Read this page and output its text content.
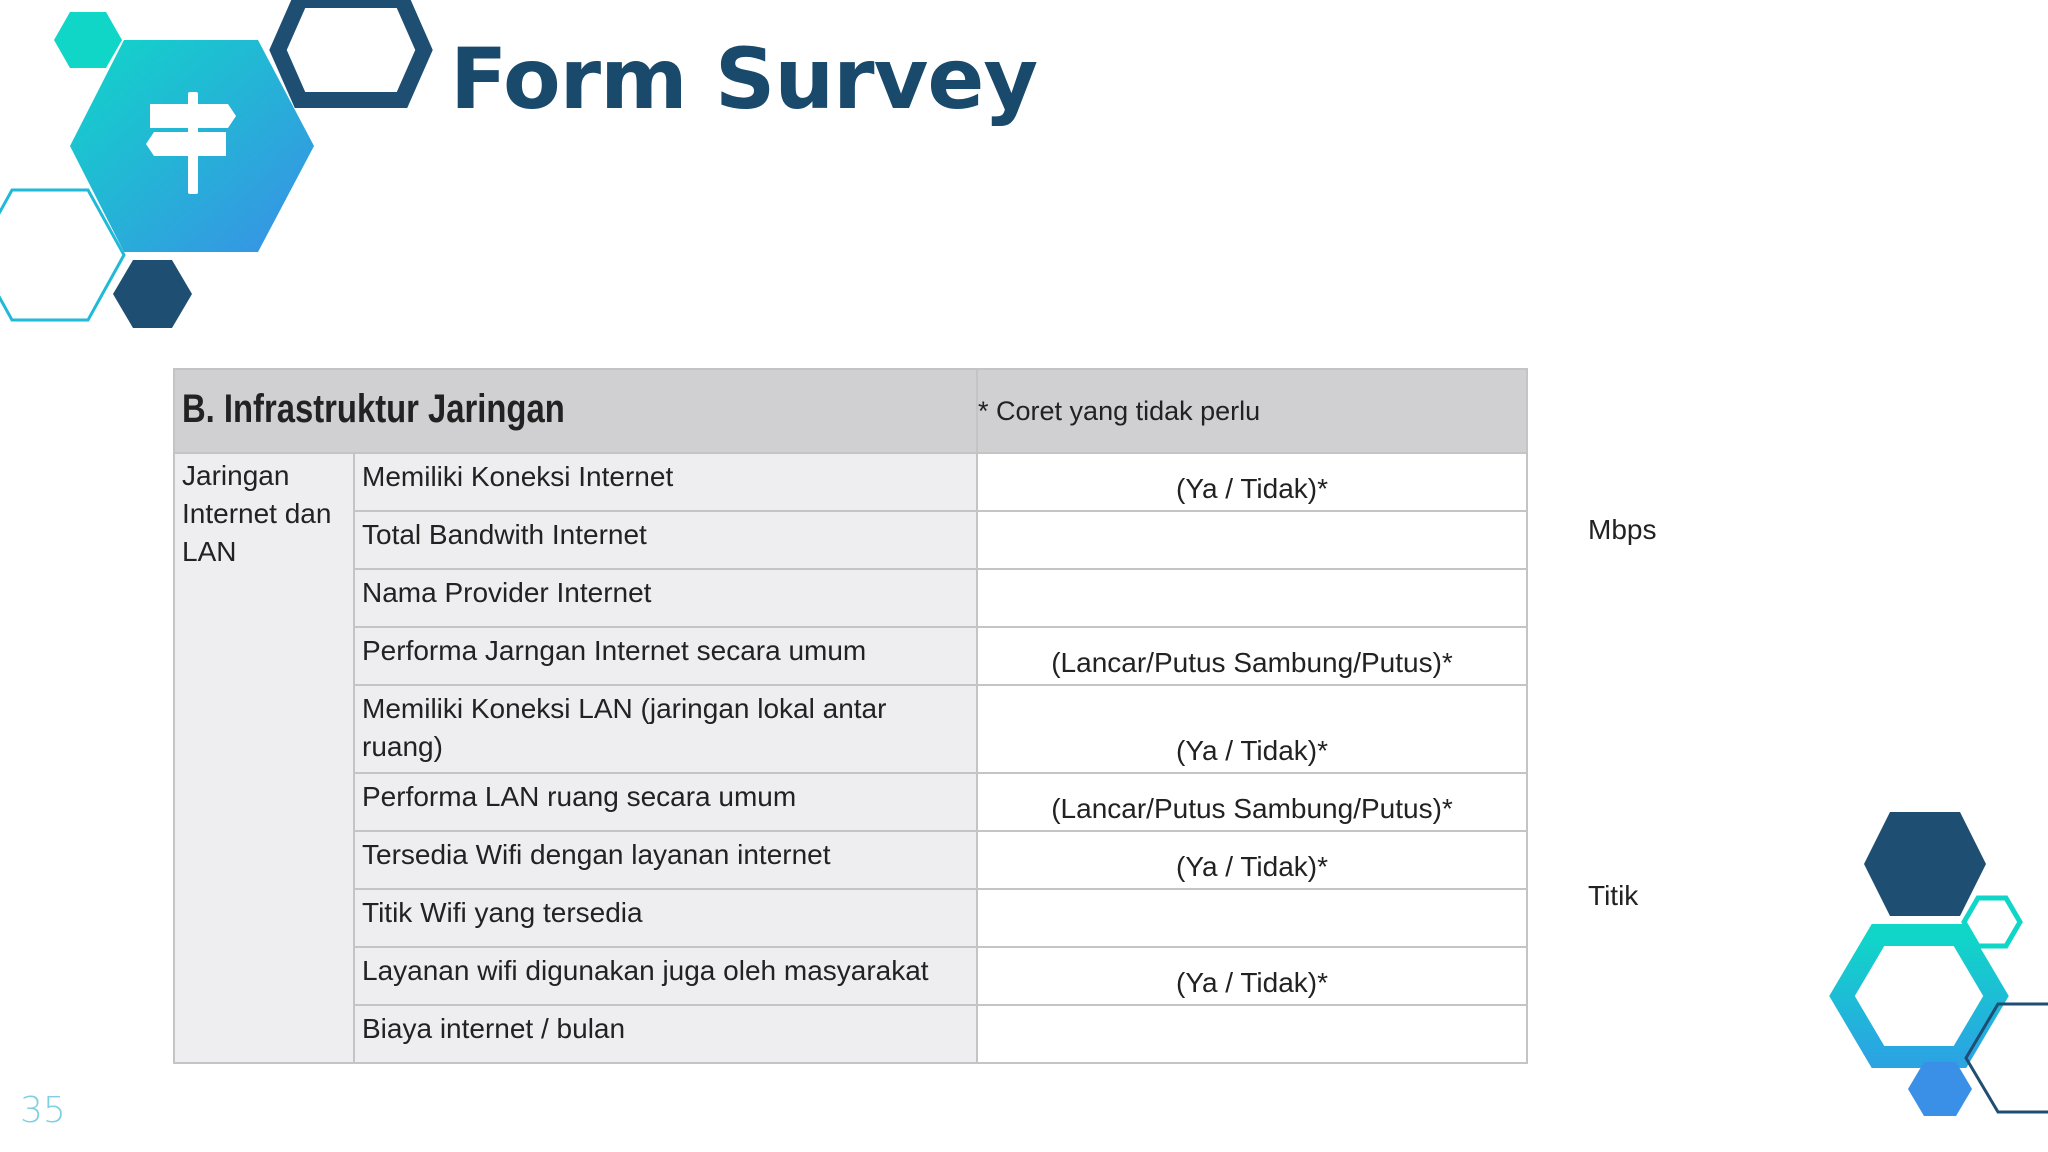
Form Survey
B. Infrastruktur Jaringan		* Coret yang tidak perlu
Jaringan Internet dan LAN	Memiliki Koneksi Internet	(Ya / Tidak)*
	Total Bandwith Internet	
	Nama Provider Internet	
	Performa Jarngan Internet secara umum	(Lancar/Putus Sambung/Putus)*
	Memiliki Koneksi LAN (jaringan lokal antar ruang)	(Ya / Tidak)*
	Performa LAN ruang secara umum	(Lancar/Putus Sambung/Putus)*
	Tersedia Wifi dengan layanan internet	(Ya / Tidak)*
	Titik Wifi yang tersedia	
	Layanan wifi digunakan juga oleh masyarakat	(Ya / Tidak)*
	Biaya internet / bulan	
Mbps
Titik
35
